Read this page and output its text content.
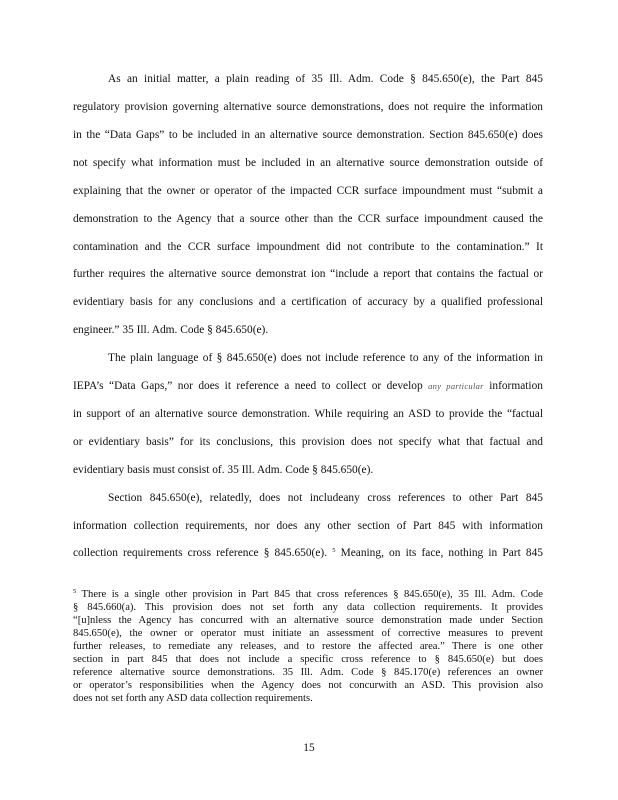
As an initial matter, a plain reading of 35 Ill. Adm. Code § 845.650(e), the Part 845
regulatory provision governing alternative source demonstrations, does not require the information
in the “Data Gaps” to be included in an alternative source demonstration. Section 845.650(e) does
not specify what information must be included in an alternative source demonstration outside of
explaining that the owner or operator of the impacted CCR surface impoundment must “submit a
demonstration to the Agency that a source other than the CCR surface impoundment caused the
contamination and the CCR surface impoundment did not contribute to the contamination.” It
further requires the alternative source demonstrat ion “include a report that contains the factual or
evidentiary basis for any conclusions and a certification of accuracy by a qualified professional
engineer.” 35 Ill. Adm. Code § 845.650(e).
The plain language of § 845.650(e) does not include reference to any of the information in
IEPA’s “Data Gaps,” nor does it reference a need to collect or develop any particular information
in support of an alternative source demonstration. While requiring an ASD to provide the “factual
or evidentiary basis” for its conclusions, this provision does not specify what that factual and
evidentiary basis must consist of. 35 Ill. Adm. Code § 845.650(e).
Section 845.650(e), relatedly, does not includeany cross references to other Part 845
information collection requirements, nor does any other section of Part 845 with information
collection requirements cross reference § 845.650(e). $^5$ Meaning, on its face, nothing in Part 845
$^5$ There is a single other provision in Part 845 that cross references § 845.650(e), 35 Ill. Adm. Code
§ 845.660(a). This provision does not set forth any data collection requirements. It provides
“[u]nless the Agency has concurred with an alternative source demonstration made under Section
845.650(e), the owner or operator must initiate an assessment of corrective measures to prevent
further releases, to remediate any releases, and to restore the affected area.” There is one other
section in part 845 that does not include a specific cross reference to § 845.650(e) but does
reference alternative source demonstrations. 35 Ill. Adm. Code § 845.170(e) references an owner
or operator’s responsibilities when the Agency does not concurwith an ASD. This provision also
does not set forth any ASD data collection requirements.
15
